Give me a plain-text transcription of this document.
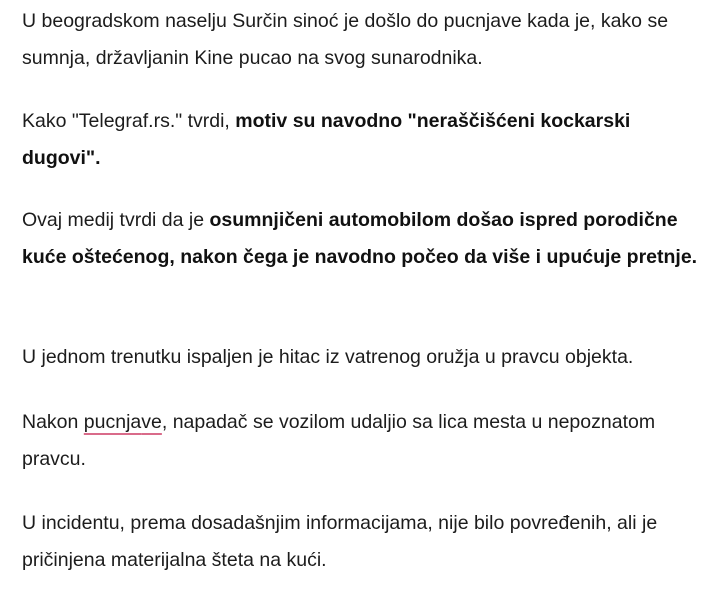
U beogradskom naselju Surčin sinoć je došlo do pucnjave kada je, kako se sumnja, državljanin Kine pucao na svog sunarodnika.

Kako "Telegraf.rs." tvrdi, motiv su navodno "neraščišćeni kockarski dugovi".

Ovaj medij tvrdi da je osumnjičeni automobilom došao ispred porodične kuće oštećenog, nakon čega je navodno počeo da više i upućuje pretnje.

U jednom trenutku ispaljen je hitac iz vatrenog oružja u pravcu objekta.

Nakon pucnjave, napadač se vozilom udaljio sa lica mesta u nepoznatom pravcu.

U incidentu, prema dosadašnjim informacijama, nije bilo povređenih, ali je pričinjena materijalna šteta na kući.
